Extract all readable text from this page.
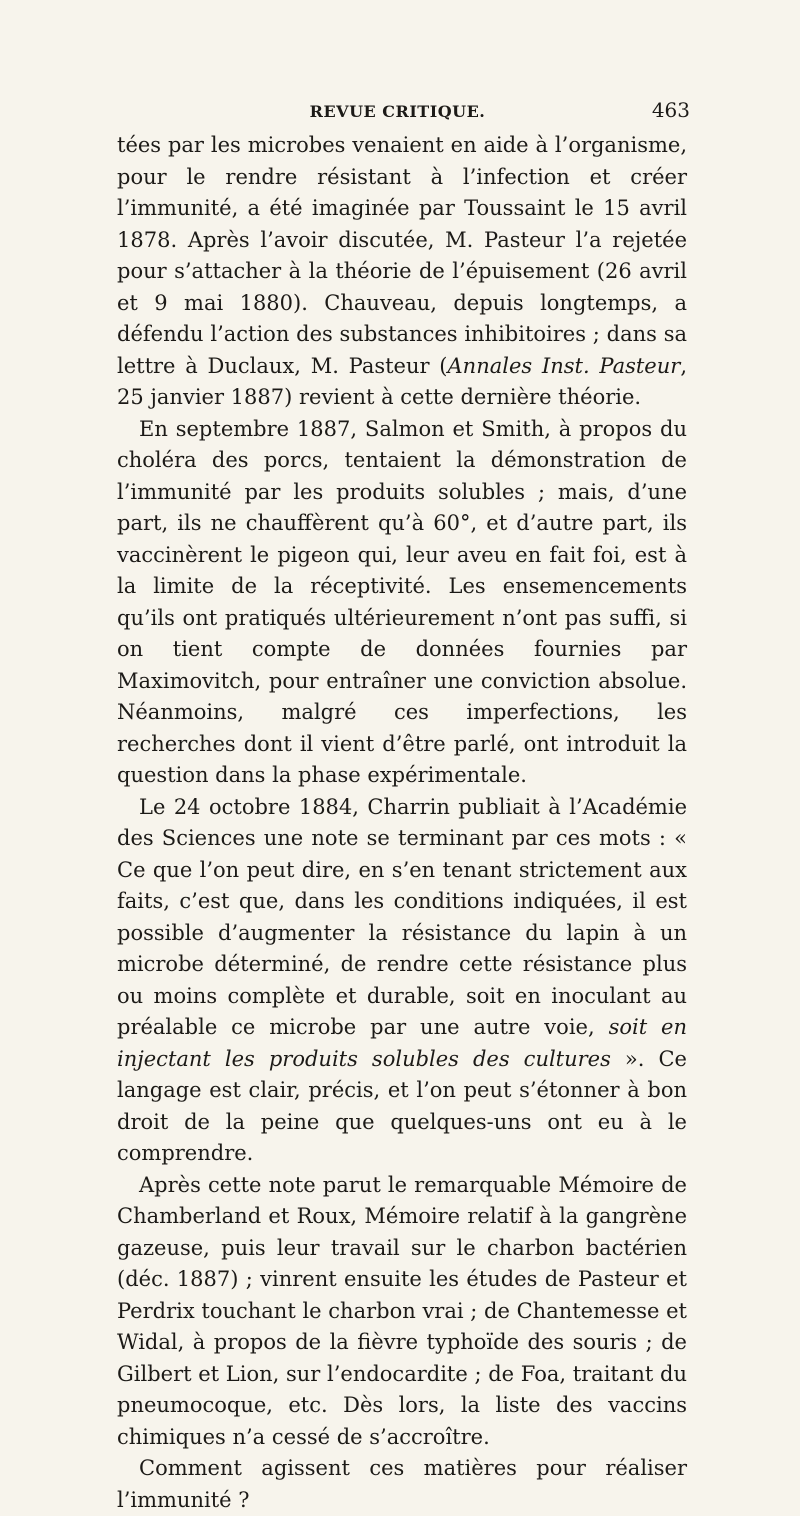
REVUE CRITIQUE.	463

tées par les microbes venaient en aide à l’organisme, pour le rendre résistant à l’infection et créer l’immunité, a été imaginée par Toussaint le 15 avril 1878. Après l’avoir discutée, M. Pasteur l’a rejetée pour s’attacher à la théorie de l’épuisement (26 avril et 9 mai 1880). Chauveau, depuis longtemps, a défendu l’action des substances inhibitoires ; dans sa lettre à Duclaux, M. Pasteur (Annales Inst. Pasteur, 25 janvier 1887) revient à cette dernière théorie.

En septembre 1887, Salmon et Smith, à propos du choléra des porcs, tentaient la démonstration de l’immunité par les produits solubles ; mais, d’une part, ils ne chauffèrent qu’à 60°, et d’autre part, ils vaccinèrent le pigeon qui, leur aveu en fait foi, est à la limite de la réceptivité. Les ensemencements qu’ils ont pratiqués ultérieurement n’ont pas suffi, si on tient compte de données fournies par Maximovitch, pour entraîner une conviction absolue. Néanmoins, malgré ces imperfections, les recherches dont il vient d’être parlé, ont introduit la question dans la phase expérimentale.

Le 24 octobre 1884, Charrin publiait à l’Académie des Sciences une note se terminant par ces mots : « Ce que l’on peut dire, en s’en tenant strictement aux faits, c’est que, dans les conditions indiquées, il est possible d’augmenter la résistance du lapin à un microbe déterminé, de rendre cette résistance plus ou moins complète et durable, soit en inoculant au préalable ce microbe par une autre voie, soit en injectant les produits solubles des cultures ». Ce langage est clair, précis, et l’on peut s’étonner à bon droit de la peine que quelques-uns ont eu à le comprendre.

Après cette note parut le remarquable Mémoire de Chamberland et Roux, Mémoire relatif à la gangrène gazeuse, puis leur travail sur le charbon bactérien (déc. 1887) ; vinrent ensuite les études de Pasteur et Perdrix touchant le charbon vrai ; de Chantemesse et Widal, à propos de la fièvre typhoïde des souris ; de Gilbert et Lion, sur l’endocardite ; de Foa, traitant du pneumocoque, etc. Dès lors, la liste des vaccins chimiques n’a cessé de s’accroître.

Comment agissent ces matières pour réaliser l’immunité ?
